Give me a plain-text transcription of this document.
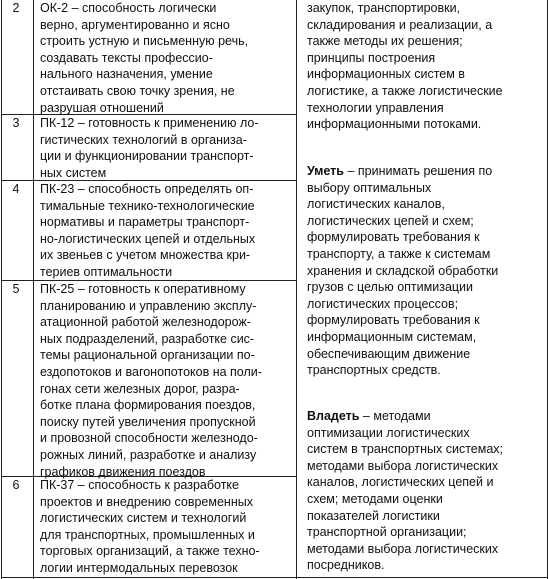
2	ОК-2 – способность логически
верно, аргументированно и ясно
строить устную и письменную речь,
создавать тексты профессио-
нального назначения, умение
отстаивать свою точку зрения, не
разрушая отношений
3	ПК-12 – готовность к применению ло-
гистических технологий в организа-
ции и функционировании транспорт-
ных систем
4	ПК-23 – способность определять оп-
тимальные технико-технологические
нормативы и параметры транспорт-
но-логистических цепей и отдельных
их звеньев с учетом множества кри-
териев оптимальности
5	ПК-25 – готовность к оперативному
планированию и управлению эксплу-
атационной работой железнодорож-
ных подразделений, разработке сис-
темы рациональной организации по-
ездопотоков и вагонопотоков на поли-
гонах сети железных дорог, разра-
ботке плана формирования поездов,
поиску путей увеличения пропускной
и провозной способности железнодо-
рожных линий, разработке и анализу
графиков движения поездов
6	ПК-37 – способность к разработке
проектов и внедрению современных
логистических систем и технологий
для транспортных, промышленных и
торговых организаций, а также техно-
логии интермодальных перевозок
закупок, транспортировки,
складирования и реализации, а
также методы их решения;
принципы построения
информационных систем в
логистике, а также логистические
технологии управления
информационными потоками.
Уметь – принимать решения по
выбору оптимальных
логистических каналов,
логистических цепей и схем;
формулировать требования к
транспорту, а также к системам
хранения и складской обработки
грузов с целью оптимизации
логистических процессов;
формулировать требования к
информационным системам,
обеспечивающим движение
транспортных средств.
Владеть – методами
оптимизации логистических
систем в транспортных системах;
методами выбора логистических
каналов, логистических цепей и
схем; методами оценки
показателей логистики
транспортной организации;
методами выбора логистических
посредников.
